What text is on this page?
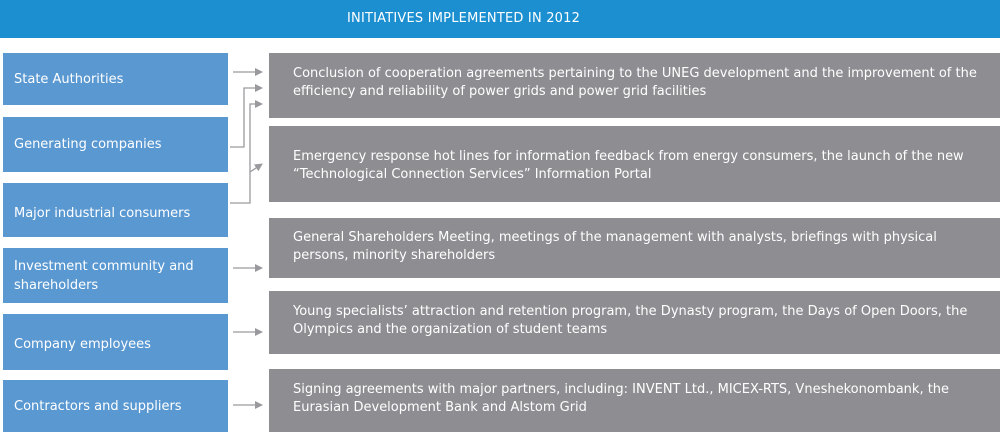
INITIATIVES IMPLEMENTED IN 2012
State Authorities
Generating companies
Major industrial consumers
Investment community and shareholders
Company employees
Contractors and suppliers
Conclusion of cooperation agreements pertaining to the UNEG development and the improvement of the efficiency and reliability of power grids and power grid facilities
Emergency response hot lines for information feedback from energy consumers, the launch of the new “Technological Connection Services” Information Portal
General Shareholders Meeting, meetings of the management with analysts, briefings with physical persons, minority shareholders
Young specialists’ attraction and retention program, the Dynasty program, the Days of Open Doors, the Olympics and the organization of student teams
Signing agreements with major partners, including: INVENT Ltd., MICEX-RTS, Vneshekonombank, the Eurasian Development Bank and Alstom Grid
